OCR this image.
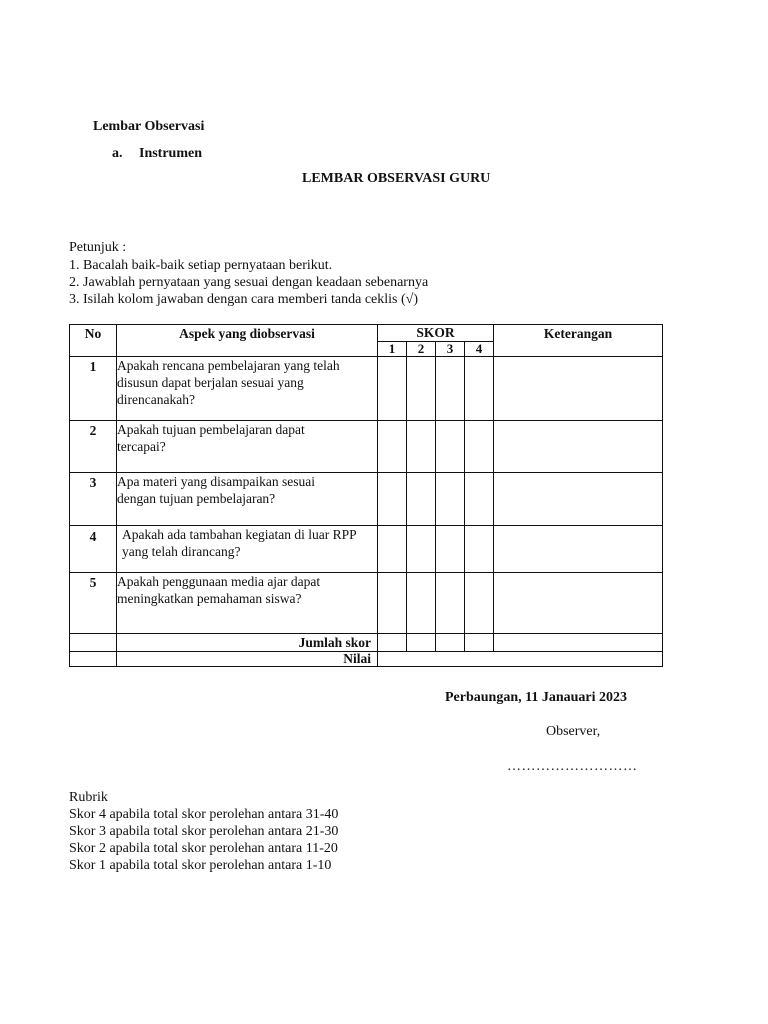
Lembar Observasi
a. Instrumen
LEMBAR OBSERVASI GURU
Petunjuk :
1. Bacalah baik-baik setiap pernyataan berikut.
2. Jawablah pernyataan yang sesuai dengan keadaan sebenarnya
3. Isilah kolom jawaban dengan cara memberi tanda ceklis (√)
No	Aspek yang diobservasi	SKOR				Keterangan
		1	2	3	4	
1	Apakah rencana pembelajaran yang telah disusun dapat berjalan sesuai yang direncanakah?					
2	Apakah tujuan pembelajaran dapat tercapai?					
3	Apa materi yang disampaikan sesuai dengan tujuan pembelajaran?					
4	Apakah ada tambahan kegiatan di luar RPP yang telah dirancang?					
5	Apakah penggunaan media ajar dapat meningkatkan pemahaman siswa?					
	Jumlah skor					
	Nilai					
Perbaungan, 11 Janauari 2023
Observer,
………………………
Rubrik
Skor 4 apabila total skor perolehan antara 31-40
Skor 3 apabila total skor perolehan antara 21-30
Skor 2 apabila total skor perolehan antara 11-20
Skor 1 apabila total skor perolehan antara 1-10
